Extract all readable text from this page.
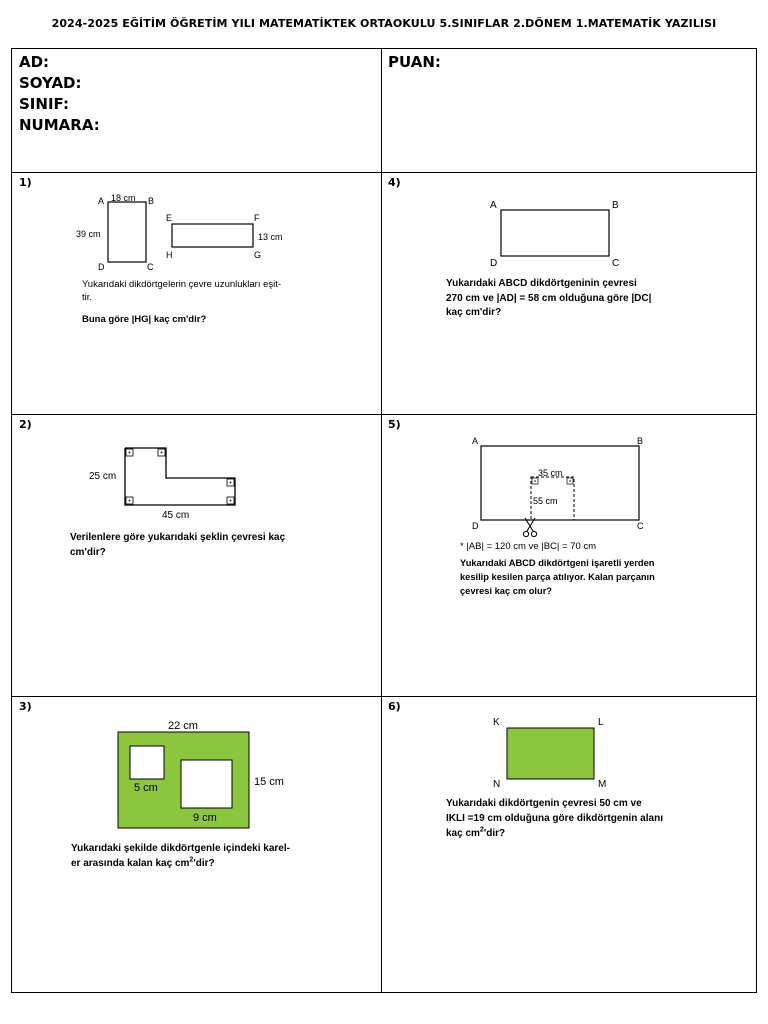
2024-2025 EĞİTİM ÖĞRETİM YILI MATEMATİKTEK ORTAOKULU 5.SINIFLAR 2.DÖNEM 1.MATEMATİK YAZILISI
AD:
SOYAD:
SINIF:
NUMARA:
PUAN:
1)	4)
2)	5)
3)	6)
A	B
D	C
18 cm
39 cm
E	F
H	G
13 cm
Yukarıdaki dikdörtgelerin çevre uzunlukları eşit-
tir.
Buna göre |HG| kaç cm'dir?
A	B
D	C
Yukarıdaki ABCD dikdörtgeninin çevresi
270 cm ve |AD| = 58 cm olduğuna göre |DC|
kaç cm'dir?
25 cm
45 cm
Verilenlere göre yukarıdaki şeklin çevresi kaç
cm'dir?
35 cm
55 cm
A	B
D	C
* |AB| = 120 cm ve |BC| = 70 cm
Yukarıdaki ABCD dikdörtgeni işaretli yerden
kesilip kesilen parça atılıyor. Kalan parçanın
çevresi kaç cm olur?
22 cm
15 cm
5 cm
9 cm
Yukarıdaki şekilde dikdörtgenle içindeki karel-
er arasında kalan kaç $cm^2'dir$?
K	L
N	M
Yukarıdaki dikdörtgenin çevresi 50 cm ve
IKLI =19 cm olduğuna göre dikdörtgenin alanı
kaç $cm^2'dir$?
